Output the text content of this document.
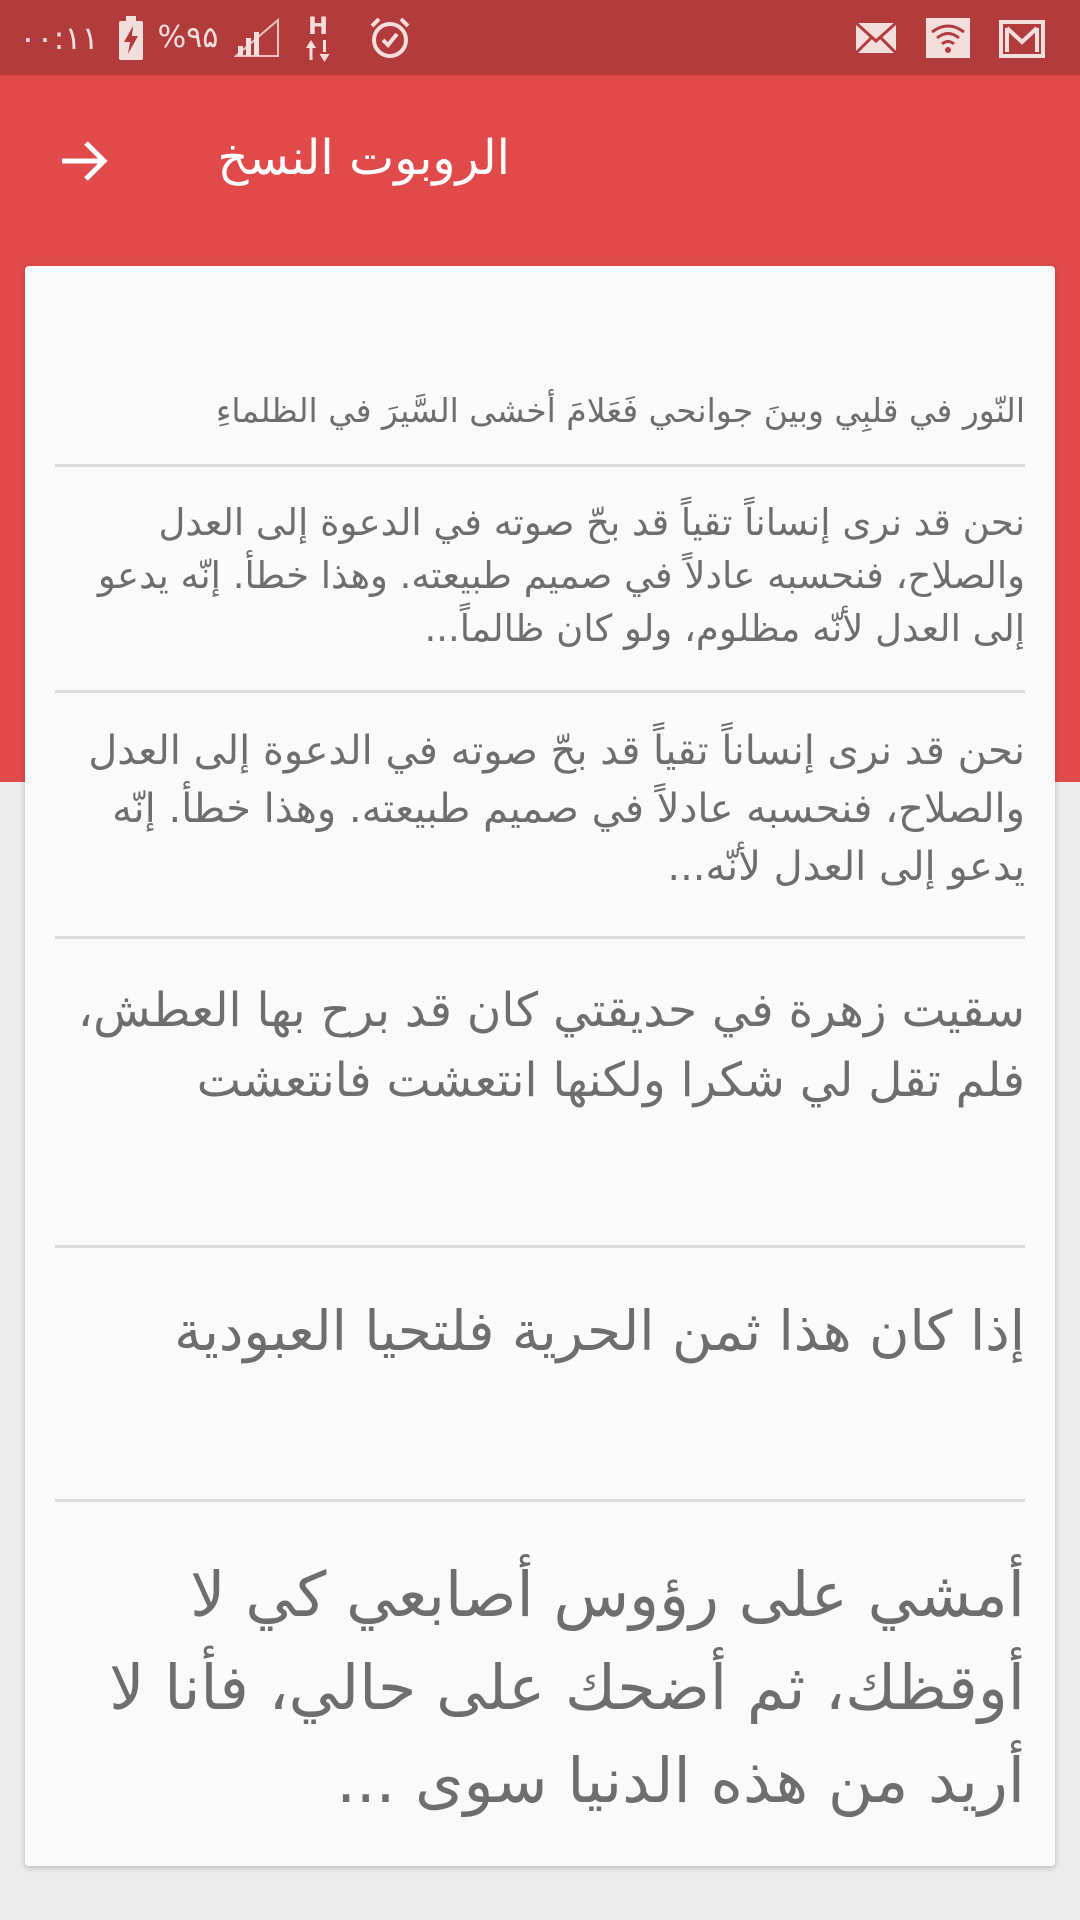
۰۰:۱۱ %۹۵	H
الروبوت النسخ
النّور في قلبِي وبينَ جوانحي فَعَلامَ أخشى السَّيرَ في الظلماءِ
نحن قد نرى إنساناً تقياً قد بحّ صوته في الدعوة إلى العدل والصلاح، فنحسبه عادلاً في صميم طبيعته. وهذا خطأ. إنّه يدعو إلى العدل لأنّه مظلوم، ولو كان ظالماً...
نحن قد نرى إنساناً تقياً قد بحّ صوته في الدعوة إلى العدل والصلاح، فنحسبه عادلاً في صميم طبيعته. وهذا خطأ. إنّه يدعو إلى العدل لأنّه...
سقيت زهرة في حديقتي كان قد برح بها العطش، فلم تقل لي شكرا ولكنها انتعشت فانتعشت
إذا كان هذا ثمن الحرية فلتحيا العبودية
أمشي على رؤوس أصابعي كي لا أوقظك، ثم أضحك على حالي، فأنا لا أريد من هذه الدنيا سوى ...
